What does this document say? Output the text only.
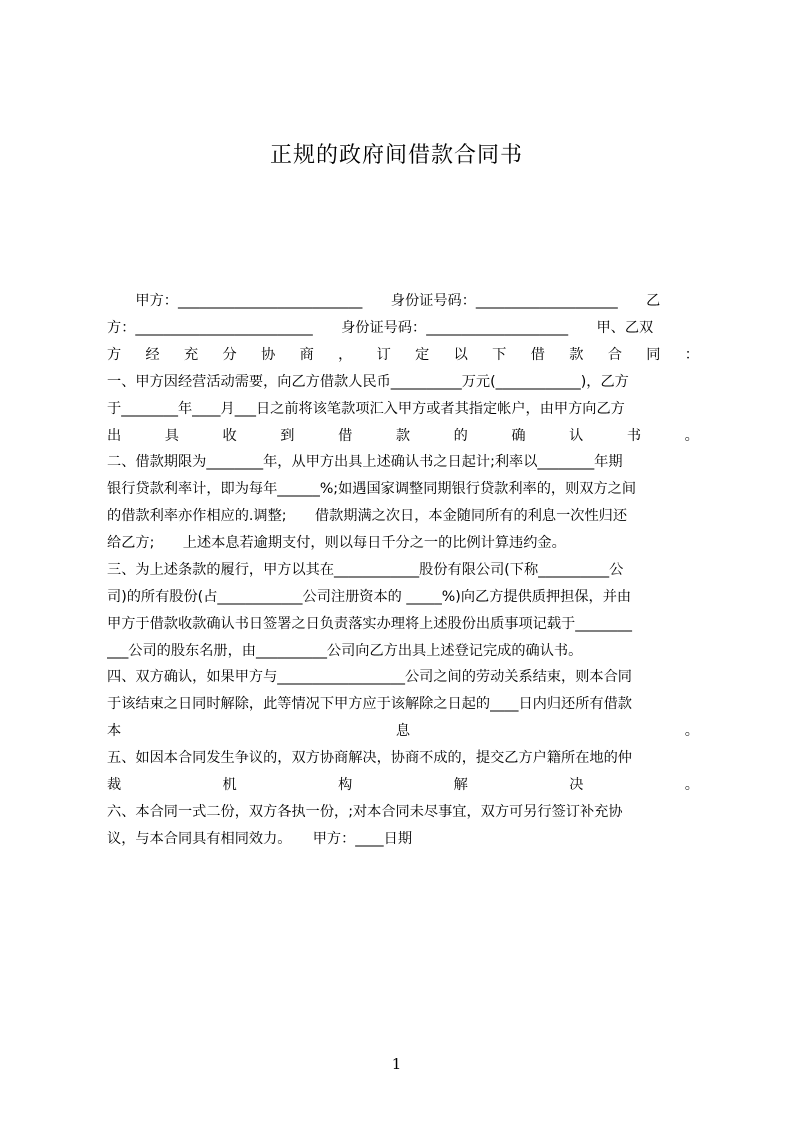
正规的政府间借款合同书
　　甲方：__________________________　　身份证号码：____________________　　乙
方：_________________________　　身份证号码：____________________　　甲、乙双
方 经 充 分 协 商 ， 订 定 以 下 借 款 合 同 ：
一、甲方因经营活动需要，向乙方借款人民币__________万元(____________)，乙方
于________年____月___日之前将该笔款项汇入甲方或者其指定帐户，由甲方向乙方
出	具	收	到	借	款	的	确	认	书	。
二、借款期限为________年，从甲方出具上述确认书之日起计;利率以________年期
银行贷款利率计，即为每年______%;如遇国家调整同期银行贷款利率的，则双方之间
的借款利率亦作相应的.调整;　　借款期满之次日，本金随同所有的利息一次性归还
给乙方;　　上述本息若逾期支付，则以每日千分之一的比例计算违约金。
三、为上述条款的履行，甲方以其在____________股份有限公司(下称__________公
司)的所有股份(占____________公司注册资本的 _____%)向乙方提供质押担保，并由
甲方于借款收款确认书日签署之日负责落实办理将上述股份出质事项记载于________
___公司的股东名册，由__________公司向乙方出具上述登记完成的确认书。
四、双方确认，如果甲方与__________________公司之间的劳动关系结束，则本合同
于该结束之日同时解除，此等情况下甲方应于该解除之日起的____日内归还所有借款
本	息	。
五、如因本合同发生争议的，双方协商解决，协商不成的，提交乙方户籍所在地的仲
裁	机	构	解	决	。
六、本合同一式二份，双方各执一份，;对本合同未尽事宜，双方可另行签订补充协
议，与本合同具有相同效力。　　甲方：____日期
1
